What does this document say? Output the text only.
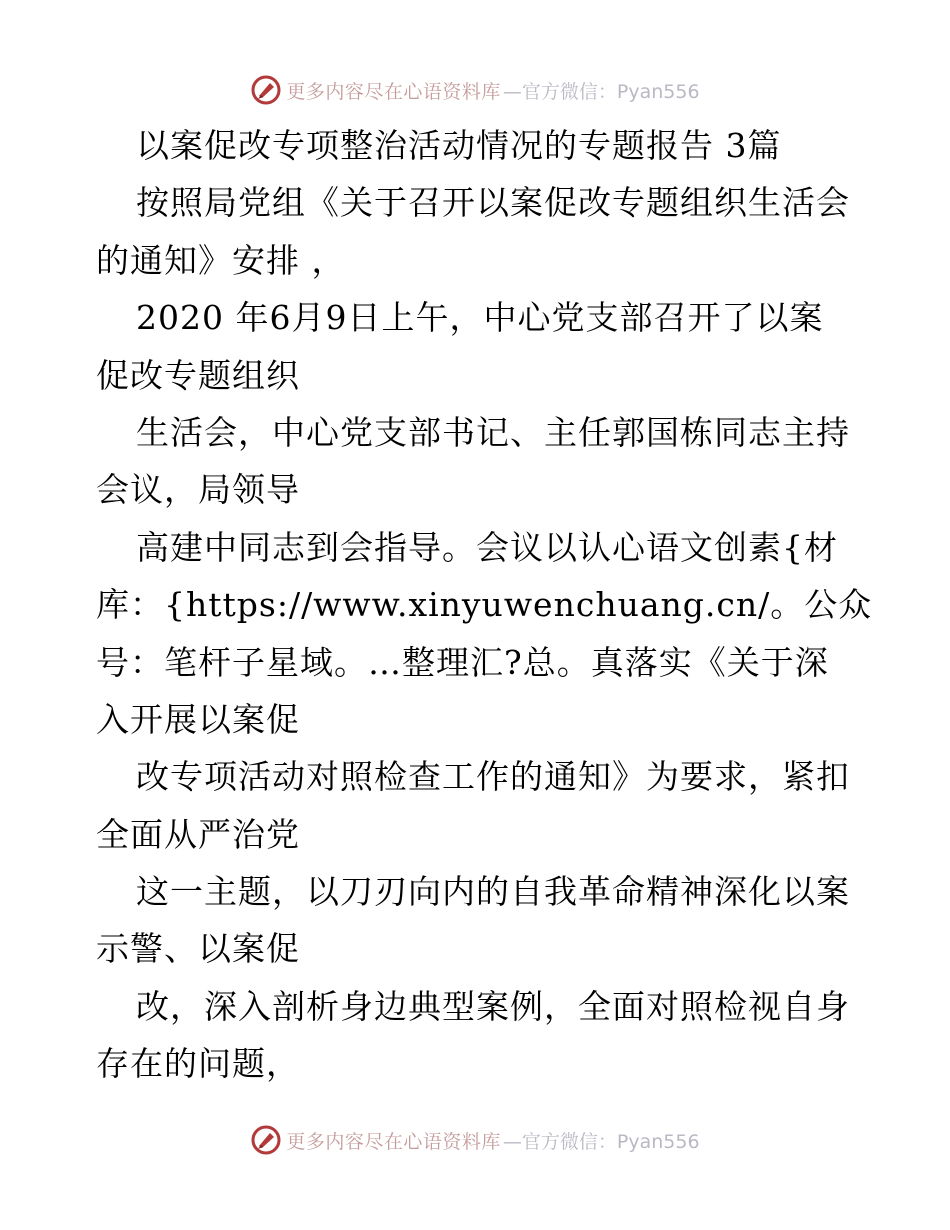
更多内容尽在心语资料库 —官方微信：Pyan556
以案促改专项整治活动情况的专题报告 3篇
按照局党组《关于召开以案促改专题组织生活会
的通知》安排 ，
2020 年6月9日上午，中心党支部召开了以案
促改专题组织
生活会，中心党支部书记、主任郭国栋同志主持
会议，局领导
高建中同志到会指导。会议以认心语文创素{材
库：{https://www.xinyuwenchuang.cn/。公众
号：笔杆子星域。…整理汇?总。真落实《关于深
入开展以案促
改专项活动对照检查工作的通知》为要求，紧扣
全面从严治党
这一主题，以刀刃向内的自我革命精神深化以案
示警、以案促
改，深入剖析身边典型案例，全面对照检视自身
存在的问题，
更多内容尽在心语资料库 —官方微信：Pyan556
